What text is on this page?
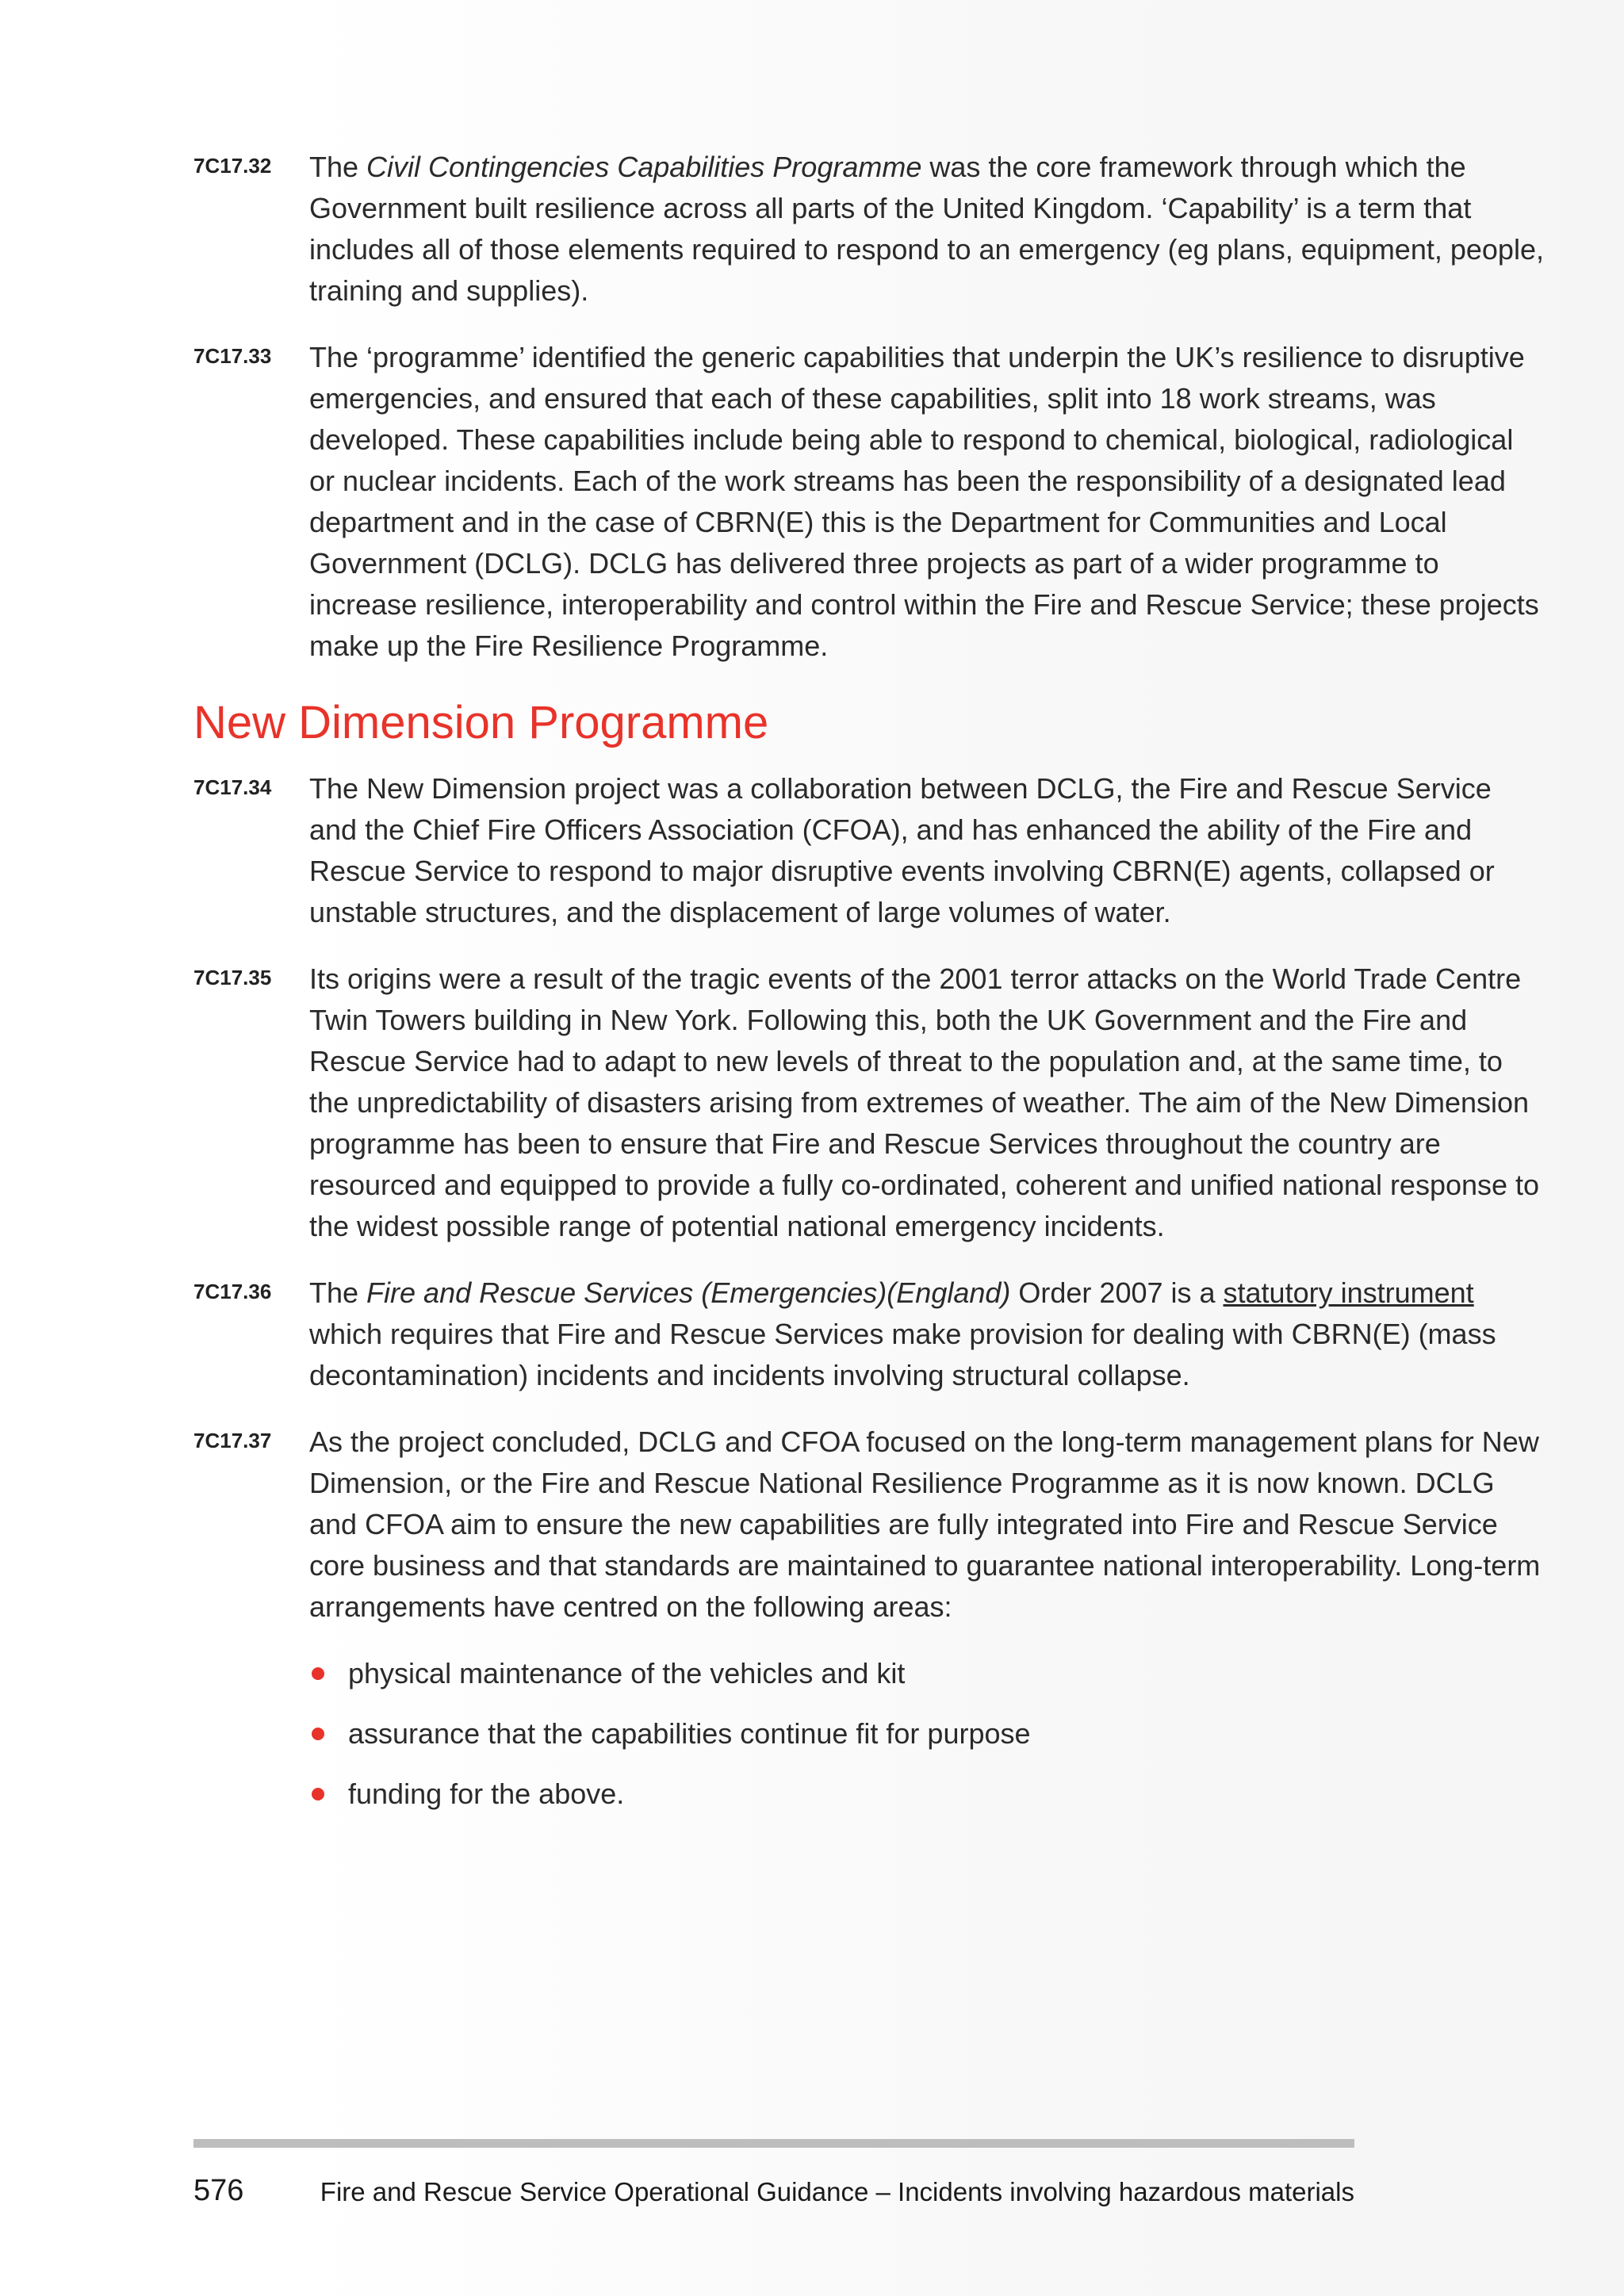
7C17.32 The Civil Contingencies Capabilities Programme was the core framework through which the Government built resilience across all parts of the United Kingdom. ‘Capability’ is a term that includes all of those elements required to respond to an emergency (eg plans, equipment, people, training and supplies).
7C17.33 The ‘programme’ identified the generic capabilities that underpin the UK’s resilience to disruptive emergencies, and ensured that each of these capabilities, split into 18 work streams, was developed. These capabilities include being able to respond to chemical, biological, radiological or nuclear incidents. Each of the work streams has been the responsibility of a designated lead department and in the case of CBRN(E) this is the Department for Communities and Local Government (DCLG). DCLG has delivered three projects as part of a wider programme to increase resilience, interoperability and control within the Fire and Rescue Service; these projects make up the Fire Resilience Programme.
New Dimension Programme
7C17.34 The New Dimension project was a collaboration between DCLG, the Fire and Rescue Service and the Chief Fire Officers Association (CFOA), and has enhanced the ability of the Fire and Rescue Service to respond to major disruptive events involving CBRN(E) agents, collapsed or unstable structures, and the displacement of large volumes of water.
7C17.35 Its origins were a result of the tragic events of the 2001 terror attacks on the World Trade Centre Twin Towers building in New York. Following this, both the UK Government and the Fire and Rescue Service had to adapt to new levels of threat to the population and, at the same time, to the unpredictability of disasters arising from extremes of weather. The aim of the New Dimension programme has been to ensure that Fire and Rescue Services throughout the country are resourced and equipped to provide a fully co-ordinated, coherent and unified national response to the widest possible range of potential national emergency incidents.
7C17.36 The Fire and Rescue Services (Emergencies)(England) Order 2007 is a statutory instrument which requires that Fire and Rescue Services make provision for dealing with CBRN(E) (mass decontamination) incidents and incidents involving structural collapse.
7C17.37 As the project concluded, DCLG and CFOA focused on the long-term management plans for New Dimension, or the Fire and Rescue National Resilience Programme as it is now known. DCLG and CFOA aim to ensure the new capabilities are fully integrated into Fire and Rescue Service core business and that standards are maintained to guarantee national interoperability. Long-term arrangements have centred on the following areas:
physical maintenance of the vehicles and kit
assurance that the capabilities continue fit for purpose
funding for the above.
576	Fire and Rescue Service Operational Guidance – Incidents involving hazardous materials
